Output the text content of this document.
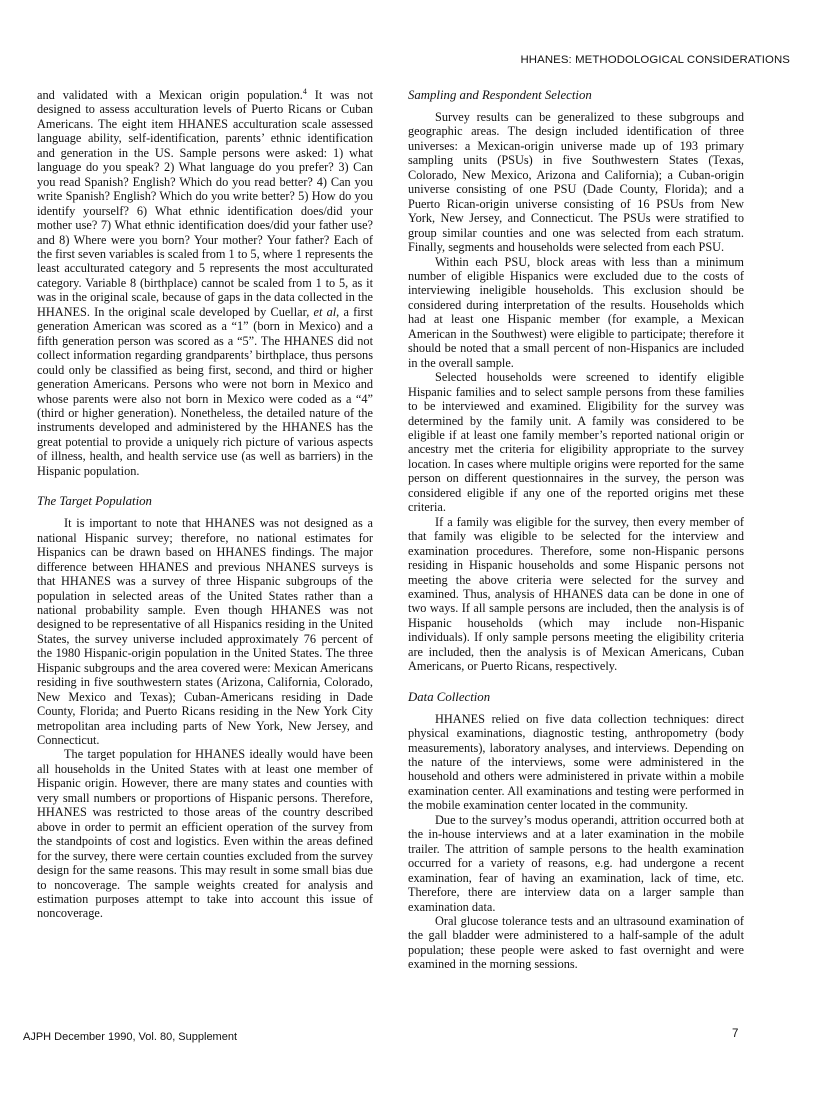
HHANES: METHODOLOGICAL CONSIDERATIONS

and validated with a Mexican origin population.$^4$ It was not designed to assess acculturation levels of Puerto Ricans or Cuban Americans. The eight item HHANES acculturation scale assessed language ability, self-identification, parents’ ethnic identification and generation in the US. Sample persons were asked: 1) what language do you speak? 2) What language do you prefer? 3) Can you read Spanish? English? Which do you read better? 4) Can you write Spanish? English? Which do you write better? 5) How do you identify yourself? 6) What ethnic identification does/did your mother use? 7) What ethnic identification does/did your father use? and 8) Where were you born? Your mother? Your father? Each of the first seven variables is scaled from 1 to 5, where 1 represents the least acculturated category and 5 represents the most acculturated category. Variable 8 (birthplace) cannot be scaled from 1 to 5, as it was in the original scale, because of gaps in the data collected in the HHANES. In the original scale developed by Cuellar, et al, a first generation American was scored as a “1” (born in Mexico) and a fifth generation person was scored as a “5”. The HHANES did not collect information regarding grandparents’ birthplace, thus persons could only be classified as being first, second, and third or higher generation Americans. Persons who were not born in Mexico and whose parents were also not born in Mexico were coded as a “4” (third or higher generation). Nonetheless, the detailed nature of the instruments developed and administered by the HHANES has the great potential to provide a uniquely rich picture of various aspects of illness, health, and health service use (as well as barriers) in the Hispanic population.

The Target Population

It is important to note that HHANES was not designed as a national Hispanic survey; therefore, no national estimates for Hispanics can be drawn based on HHANES findings. The major difference between HHANES and previous NHANES surveys is that HHANES was a survey of three Hispanic subgroups of the population in selected areas of the United States rather than a national probability sample. Even though HHANES was not designed to be representative of all Hispanics residing in the United States, the survey universe included approximately 76 percent of the 1980 Hispanic-origin population in the United States. The three Hispanic subgroups and the area covered were: Mexican Americans residing in five southwestern states (Arizona, California, Colorado, New Mexico and Texas); Cuban-Americans residing in Dade County, Florida; and Puerto Ricans residing in the New York City metropolitan area including parts of New York, New Jersey, and Connecticut.

The target population for HHANES ideally would have been all households in the United States with at least one member of Hispanic origin. However, there are many states and counties with very small numbers or proportions of Hispanic persons. Therefore, HHANES was restricted to those areas of the country described above in order to permit an efficient operation of the survey from the standpoints of cost and logistics. Even within the areas defined for the survey, there were certain counties excluded from the survey design for the same reasons. This may result in some small bias due to noncoverage. The sample weights created for analysis and estimation purposes attempt to take into account this issue of noncoverage.

Sampling and Respondent Selection

Survey results can be generalized to these subgroups and geographic areas. The design included identification of three universes: a Mexican-origin universe made up of 193 primary sampling units (PSUs) in five Southwestern States (Texas, Colorado, New Mexico, Arizona and California); a Cuban-origin universe consisting of one PSU (Dade County, Florida); and a Puerto Rican-origin universe consisting of 16 PSUs from New York, New Jersey, and Connecticut. The PSUs were stratified to group similar counties and one was selected from each stratum. Finally, segments and households were selected from each PSU.

Within each PSU, block areas with less than a minimum number of eligible Hispanics were excluded due to the costs of interviewing ineligible households. This exclusion should be considered during interpretation of the results. Households which had at least one Hispanic member (for example, a Mexican American in the Southwest) were eligible to participate; therefore it should be noted that a small percent of non-Hispanics are included in the overall sample.

Selected households were screened to identify eligible Hispanic families and to select sample persons from these families to be interviewed and examined. Eligibility for the survey was determined by the family unit. A family was considered to be eligible if at least one family member’s reported national origin or ancestry met the criteria for eligibility appropriate to the survey location. In cases where multiple origins were reported for the same person on different questionnaires in the survey, the person was considered eligible if any one of the reported origins met these criteria.

If a family was eligible for the survey, then every member of that family was eligible to be selected for the interview and examination procedures. Therefore, some non-Hispanic persons residing in Hispanic households and some Hispanic persons not meeting the above criteria were selected for the survey and examined. Thus, analysis of HHANES data can be done in one of two ways. If all sample persons are included, then the analysis is of Hispanic households (which may include non-Hispanic individuals). If only sample persons meeting the eligibility criteria are included, then the analysis is of Mexican Americans, Cuban Americans, or Puerto Ricans, respectively.

Data Collection

HHANES relied on five data collection techniques: direct physical examinations, diagnostic testing, anthropometry (body measurements), laboratory analyses, and interviews. Depending on the nature of the interviews, some were administered in the household and others were administered in private within a mobile examination center. All examinations and testing were performed in the mobile examination center located in the community.

Due to the survey’s modus operandi, attrition occurred both at the in-house interviews and at a later examination in the mobile trailer. The attrition of sample persons to the health examination occurred for a variety of reasons, e.g. had undergone a recent examination, fear of having an examination, lack of time, etc. Therefore, there are interview data on a larger sample than examination data.

Oral glucose tolerance tests and an ultrasound examination of the gall bladder were administered to a half-sample of the adult population; these people were asked to fast overnight and were examined in the morning sessions.

AJPH December 1990, Vol. 80, Supplement	7
